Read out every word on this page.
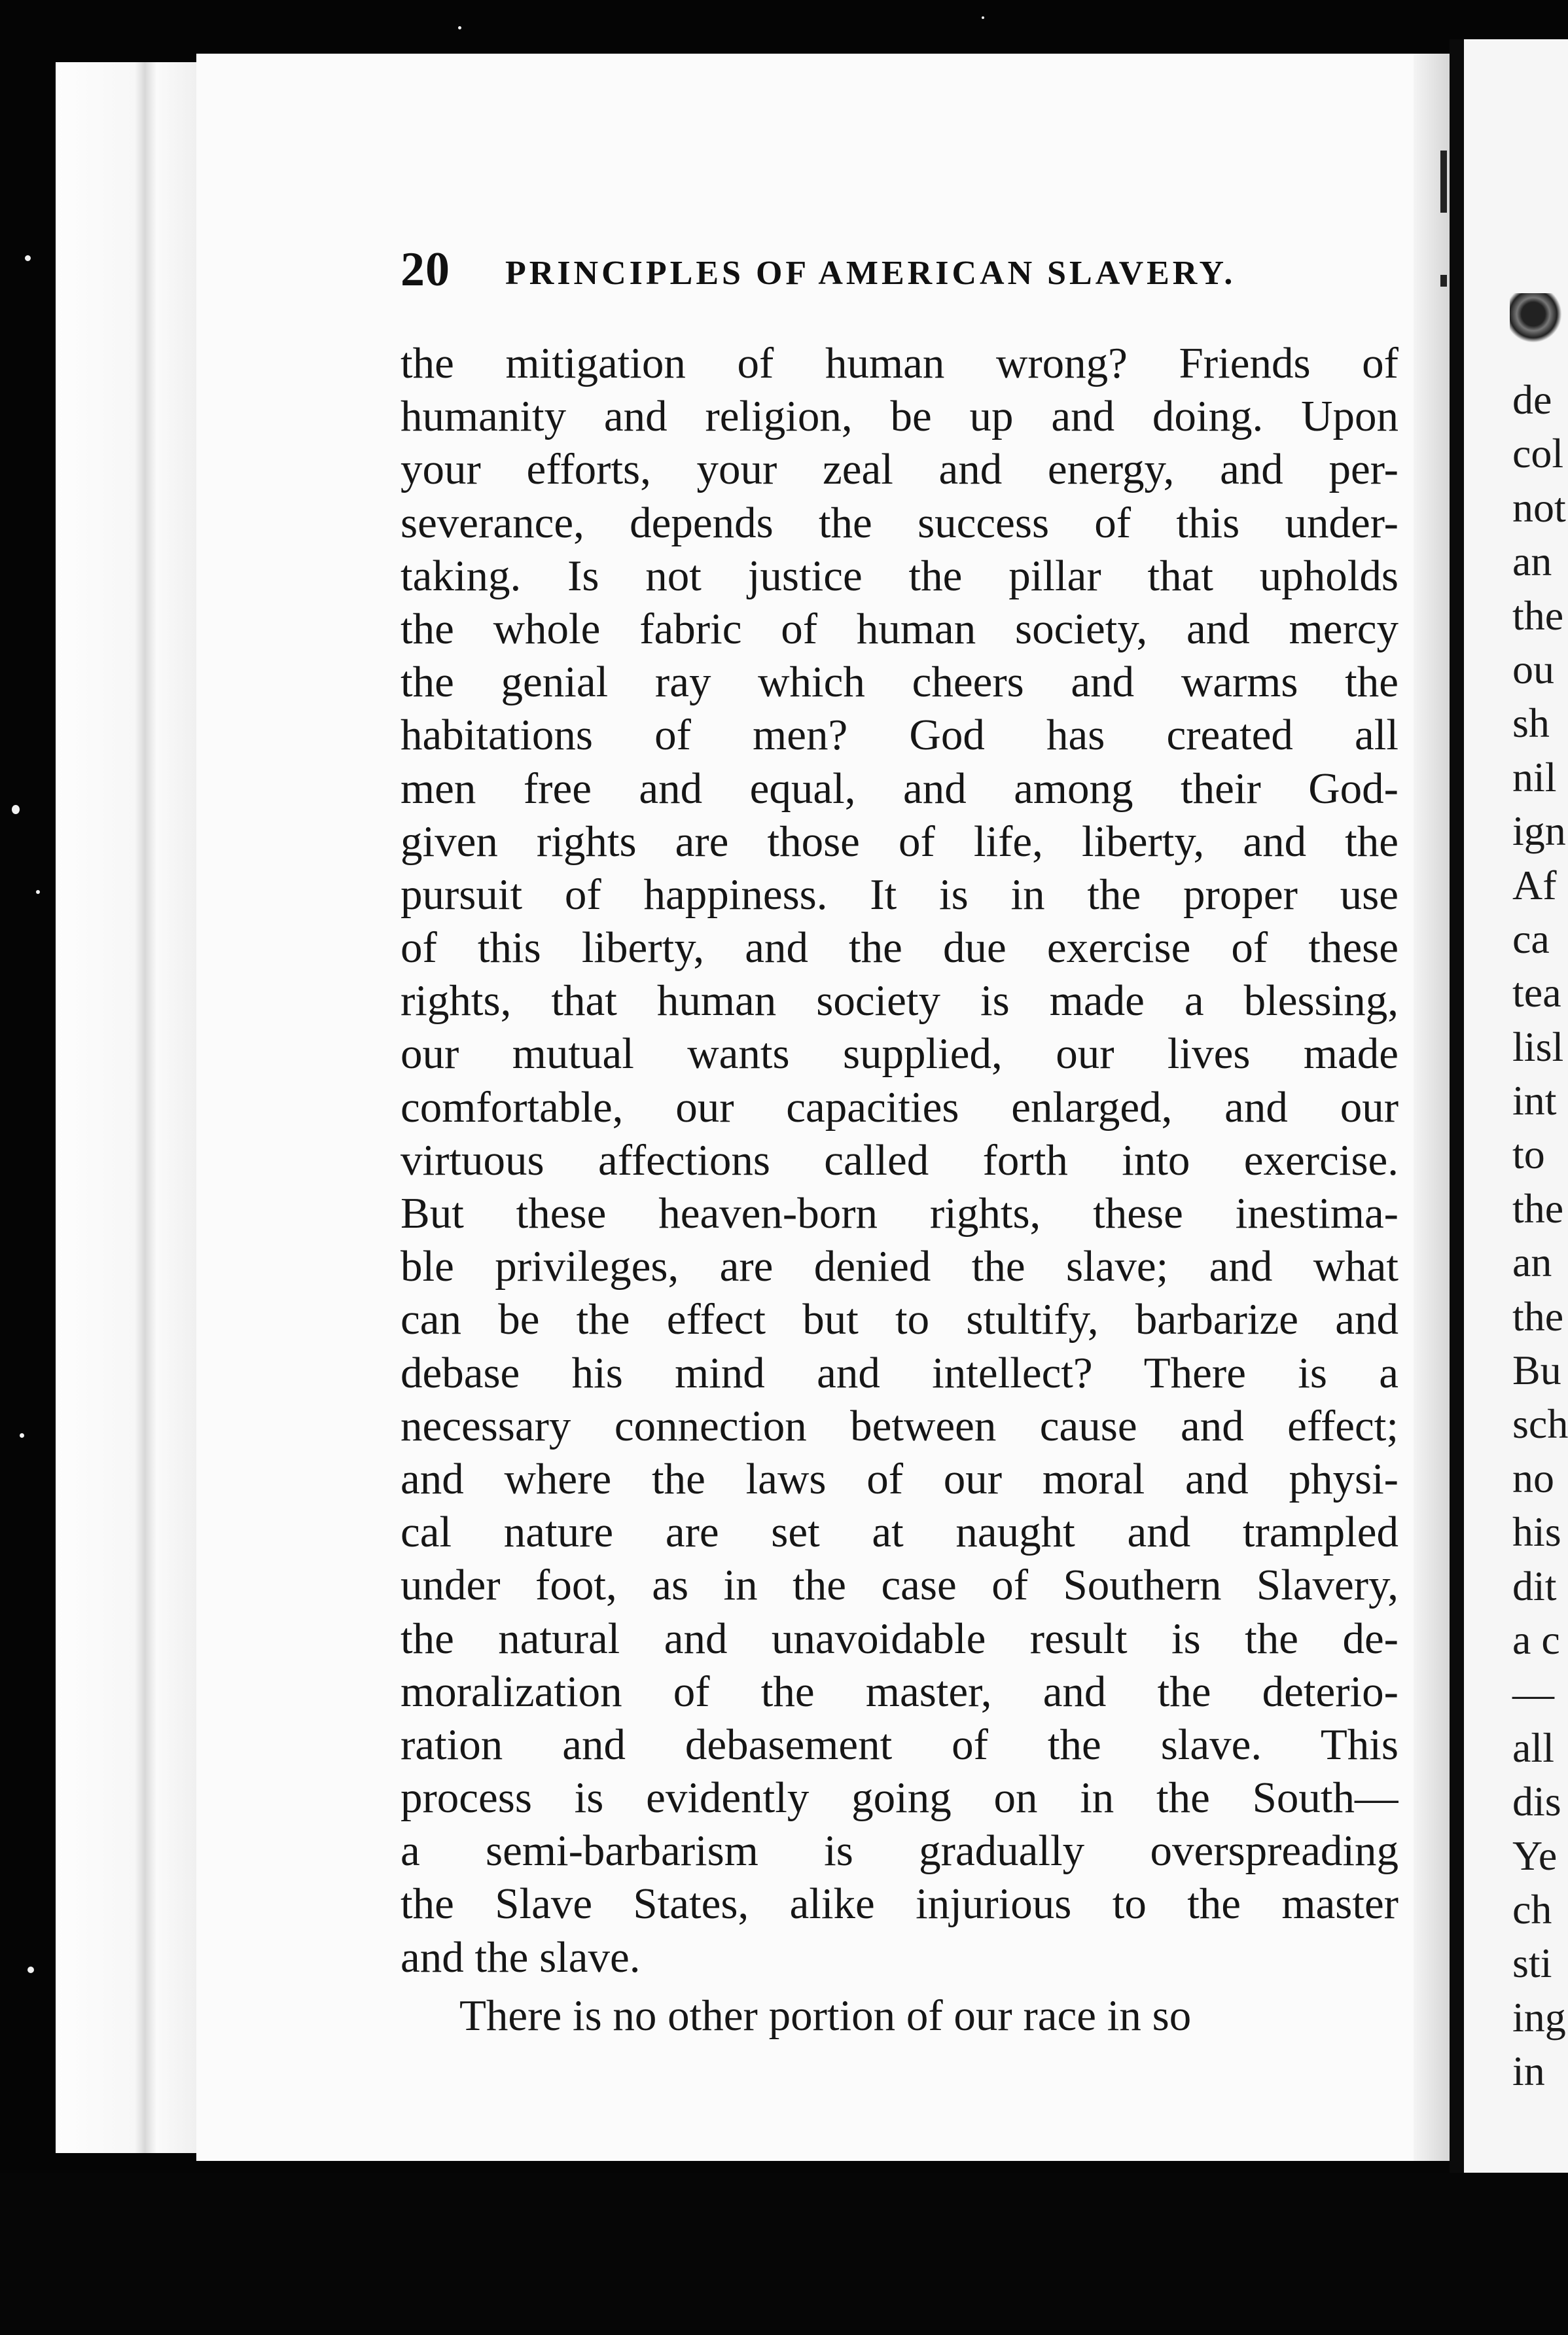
de
col
not
an
the
ou
sh
nil
ign
Af
ca
tea
lisl
int
to
the
an
the
Bu
sch
no
his
dit
a c
—
all
dis
Ye
ch
sti
ing
in
20 PRINCIPLES OF AMERICAN SLAVERY.
the mitigation of human wrong? Friends of
humanity and religion, be up and doing. Upon
your efforts, your zeal and energy, and per-
severance, depends the success of this under-
taking. Is not justice the pillar that upholds
the whole fabric of human society, and mercy
the genial ray which cheers and warms the
habitations of men? God has created all
men free and equal, and among their God-
given rights are those of life, liberty, and the
pursuit of happiness. It is in the proper use
of this liberty, and the due exercise of these
rights, that human society is made a blessing,
our mutual wants supplied, our lives made
comfortable, our capacities enlarged, and our
virtuous affections called forth into exercise.
But these heaven-born rights, these inestima-
ble privileges, are denied the slave; and what
can be the effect but to stultify, barbarize and
debase his mind and intellect? There is a
necessary connection between cause and effect;
and where the laws of our moral and physi-
cal nature are set at naught and trampled
under foot, as in the case of Southern Slavery,
the natural and unavoidable result is the de-
moralization of the master, and the deterio-
ration and debasement of the slave. This
process is evidently going on in the South—
a semi-barbarism is gradually overspreading
the Slave States, alike injurious to the master
and the slave.
There is no other portion of our race in so
